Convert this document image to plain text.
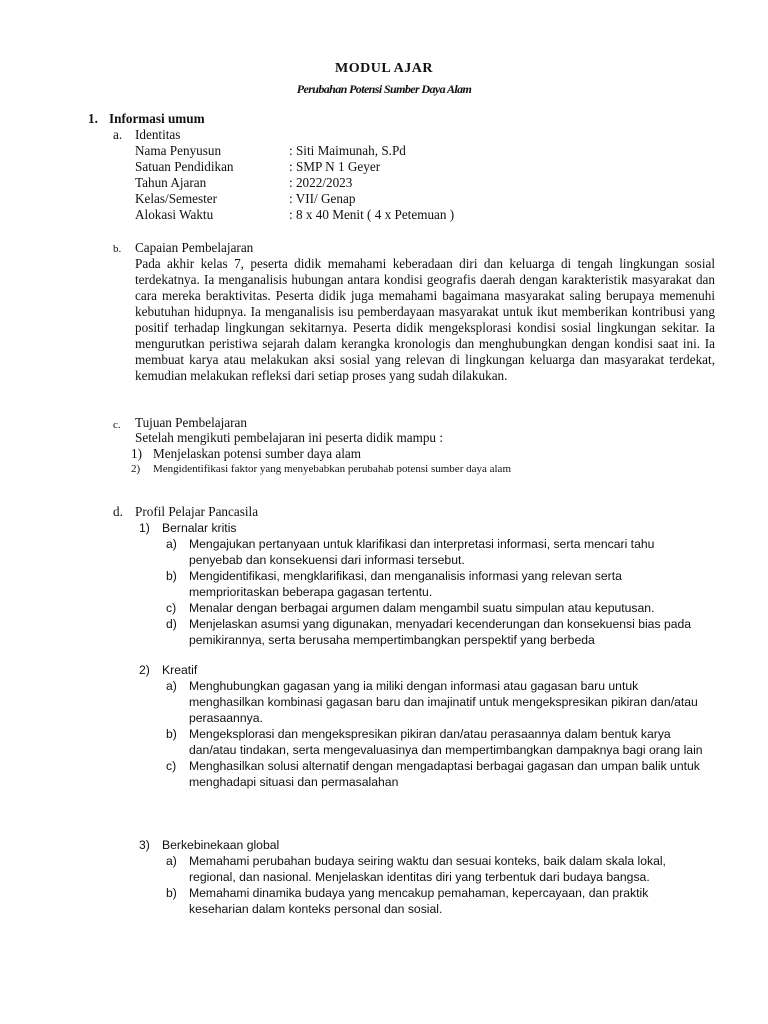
MODUL AJAR
Perubahan Potensi Sumber Daya Alam
1. Informasi umum
a. Identitas
Nama Penyusun	: Siti Maimunah, S.Pd
Satuan Pendidikan	: SMP N 1 Geyer
Tahun Ajaran	: 2022/2023
Kelas/Semester	: VII/ Genap
Alokasi Waktu	: 8 x 40 Menit ( 4 x Petemuan )
b. Capaian Pembelajaran
Pada akhir kelas 7, peserta didik memahami keberadaan diri dan keluarga di tengah lingkungan sosial terdekatnya. Ia menganalisis hubungan antara kondisi geografis daerah dengan karakteristik masyarakat dan cara mereka beraktivitas. Peserta didik juga memahami bagaimana masyarakat saling berupaya memenuhi kebutuhan hidupnya. Ia menganalisis isu pemberdayaan masyarakat untuk ikut memberikan kontribusi yang positif terhadap lingkungan sekitarnya. Peserta didik mengeksplorasi kondisi sosial lingkungan sekitar. Ia mengurutkan peristiwa sejarah dalam kerangka kronologis dan menghubungkan dengan kondisi saat ini. Ia membuat karya atau melakukan aksi sosial yang relevan di lingkungan keluarga dan masyarakat terdekat, kemudian melakukan refleksi dari setiap proses yang sudah dilakukan.
c. Tujuan Pembelajaran
Setelah mengikuti pembelajaran ini peserta didik mampu :
1) Menjelaskan potensi sumber daya alam
2) Mengidentifikasi faktor yang menyebabkan perubahab potensi sumber daya alam
d. Profil Pelajar Pancasila
1) Bernalar kritis
a) Mengajukan pertanyaan untuk klarifikasi dan interpretasi informasi, serta mencari tahu
penyebab dan konsekuensi dari informasi tersebut.
b) Mengidentifikasi, mengklarifikasi, dan menganalisis informasi yang relevan serta
memprioritaskan beberapa gagasan tertentu.
c) Menalar dengan berbagai argumen dalam mengambil suatu simpulan atau keputusan.
d) Menjelaskan asumsi yang digunakan, menyadari kecenderungan dan konsekuensi bias pada
pemikirannya, serta berusaha mempertimbangkan perspektif yang berbeda
2) Kreatif
a) Menghubungkan gagasan yang ia miliki dengan informasi atau gagasan baru untuk
menghasilkan kombinasi gagasan baru dan imajinatif untuk mengekspresikan pikiran dan/atau
perasaannya.
b) Mengeksplorasi dan mengekspresikan pikiran dan/atau perasaannya dalam bentuk karya
dan/atau tindakan, serta mengevaluasinya dan mempertimbangkan dampaknya bagi orang lain
c) Menghasilkan solusi alternatif dengan mengadaptasi berbagai gagasan dan umpan balik untuk
menghadapi situasi dan permasalahan
3) Berkebinekaan global
a) Memahami perubahan budaya seiring waktu dan sesuai konteks, baik dalam skala lokal,
regional, dan nasional. Menjelaskan identitas diri yang terbentuk dari budaya bangsa.
b) Memahami dinamika budaya yang mencakup pemahaman, kepercayaan, dan praktik
keseharian dalam konteks personal dan sosial.
